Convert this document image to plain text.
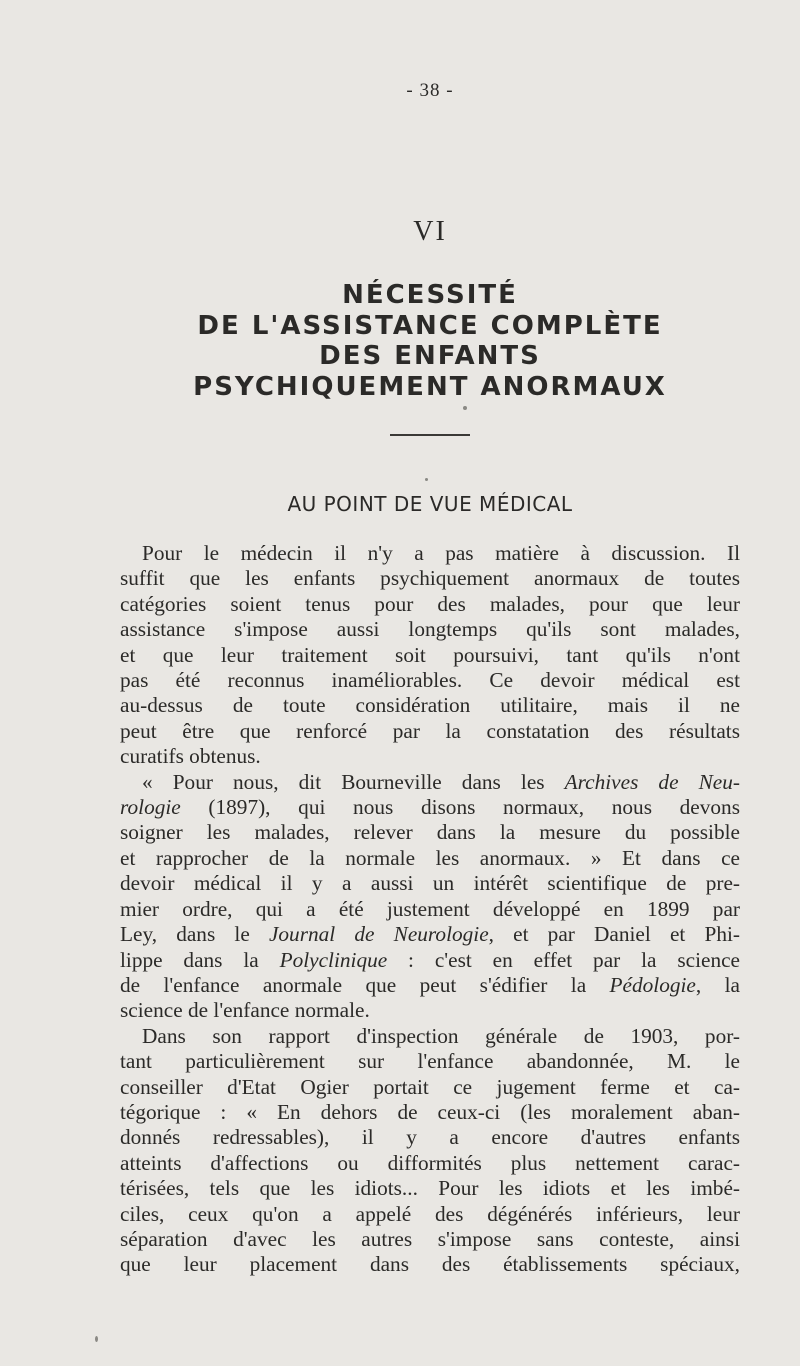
- 38 -
VI
NÉCESSITÉ
DE L'ASSISTANCE COMPLÈTE
DES ENFANTS
PSYCHIQUEMENT ANORMAUX
AU POINT DE VUE MÉDICAL
Pour le médecin il n'y a pas matière à discussion. Il
suffit que les enfants psychiquement anormaux de toutes
catégories soient tenus pour des malades, pour que leur
assistance s'impose aussi longtemps qu'ils sont malades,
et que leur traitement soit poursuivi, tant qu'ils n'ont
pas été reconnus inaméliorables. Ce devoir médical est
au-dessus de toute considération utilitaire, mais il ne
peut être que renforcé par la constatation des résultats
curatifs obtenus.
« Pour nous, dit Bourneville dans les Archives de Neu-
rologie (1897), qui nous disons normaux, nous devons
soigner les malades, relever dans la mesure du possible
et rapprocher de la normale les anormaux. » Et dans ce
devoir médical il y a aussi un intérêt scientifique de pre-
mier ordre, qui a été justement développé en 1899 par
Ley, dans le Journal de Neurologie, et par Daniel et Phi-
lippe dans la Polyclinique : c'est en effet par la science
de l'enfance anormale que peut s'édifier la Pédologie, la
science de l'enfance normale.
Dans son rapport d'inspection générale de 1903, por-
tant particulièrement sur l'enfance abandonnée, M. le
conseiller d'Etat Ogier portait ce jugement ferme et ca-
tégorique : « En dehors de ceux-ci (les moralement aban-
donnés redressables), il y a encore d'autres enfants
atteints d'affections ou difformités plus nettement carac-
térisées, tels que les idiots... Pour les idiots et les imbé-
ciles, ceux qu'on a appelé des dégénérés inférieurs, leur
séparation d'avec les autres s'impose sans conteste, ainsi
que leur placement dans des établissements spéciaux,
